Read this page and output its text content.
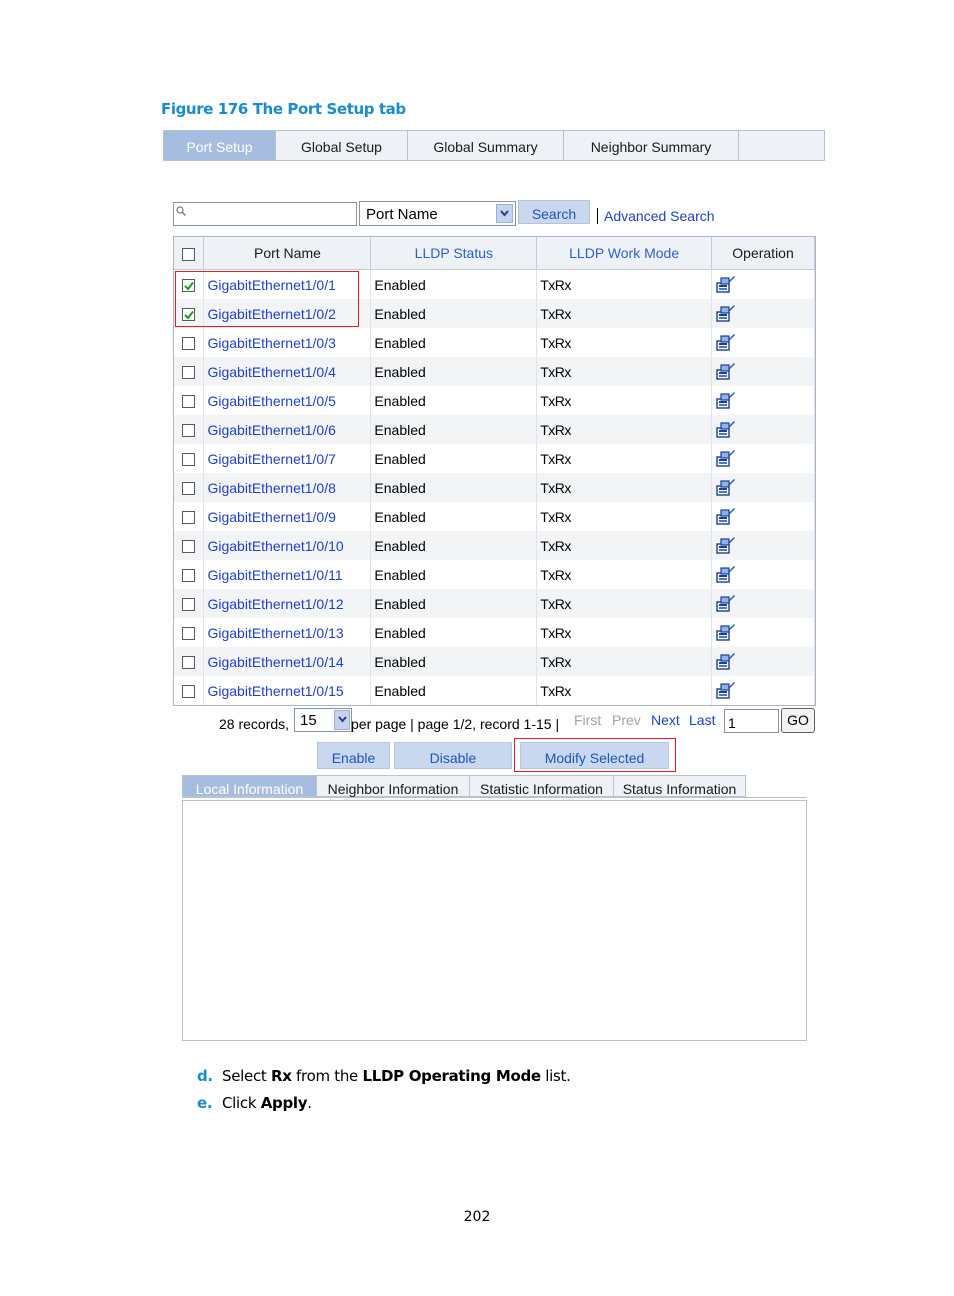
Figure 176 The Port Setup tab
Port Setup	Global Setup	Global Summary	Neighbor Summary
Port Name	Search	Advanced Search
	Port Name	LLDP Status	LLDP Work Mode	Operation

	GigabitEthernet1/0/1	Enabled	TxRx	

	GigabitEthernet1/0/2	Enabled	TxRx	
	GigabitEthernet1/0/3	Enabled	TxRx	
	GigabitEthernet1/0/4	Enabled	TxRx	
	GigabitEthernet1/0/5	Enabled	TxRx	
	GigabitEthernet1/0/6	Enabled	TxRx	
	GigabitEthernet1/0/7	Enabled	TxRx	
	GigabitEthernet1/0/8	Enabled	TxRx	
	GigabitEthernet1/0/9	Enabled	TxRx	
	GigabitEthernet1/0/10	Enabled	TxRx	
	GigabitEthernet1/0/11	Enabled	TxRx	
	GigabitEthernet1/0/12	Enabled	TxRx	
	GigabitEthernet1/0/13	Enabled	TxRx	
	GigabitEthernet1/0/14	Enabled	TxRx	
	GigabitEthernet1/0/15	Enabled	TxRx	
28 records, 15 per page | page 1/2, record 1-15 | First Prev Next Last 1	GO
Enable	Disable	Modify Selected
Local Information	Neighbor Information	Statistic Information	Status Information
d. Select Rx from the LLDP Operating Mode list.
e. Click Apply.
202
